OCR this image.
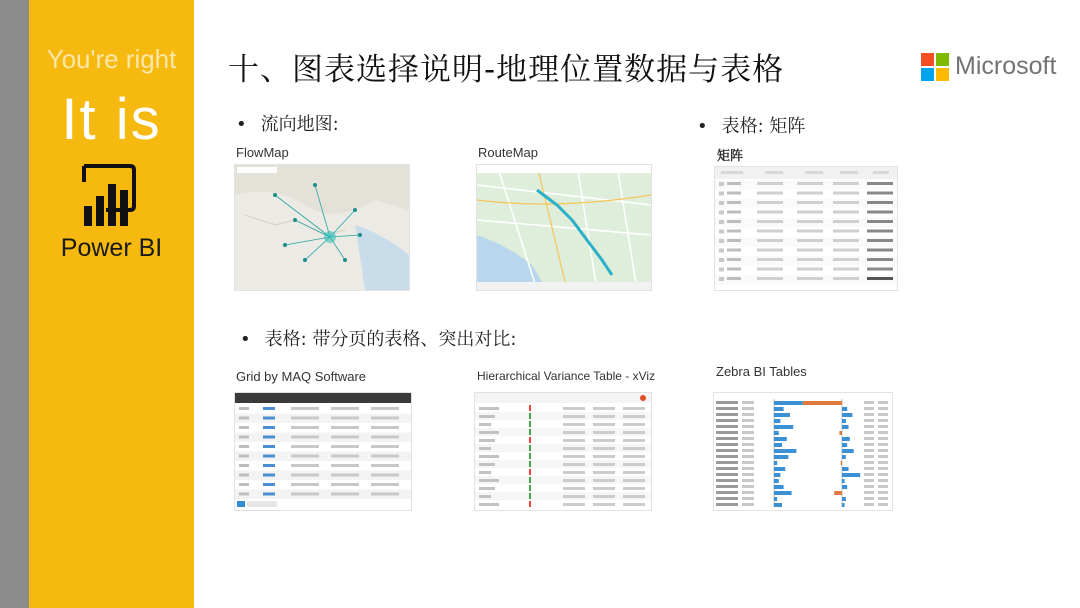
You're right
It is
Power BI
十、图表选择说明-地理位置数据与表格	Microsoft
• 流向地图:	• 表格: 矩阵
• 表格: 带分页的表格、突出对比:
FlowMap	RouteMap	矩阵
Grid by MAQ Software	Hierarchical Variance Table - xViz	Zebra BI Tables
